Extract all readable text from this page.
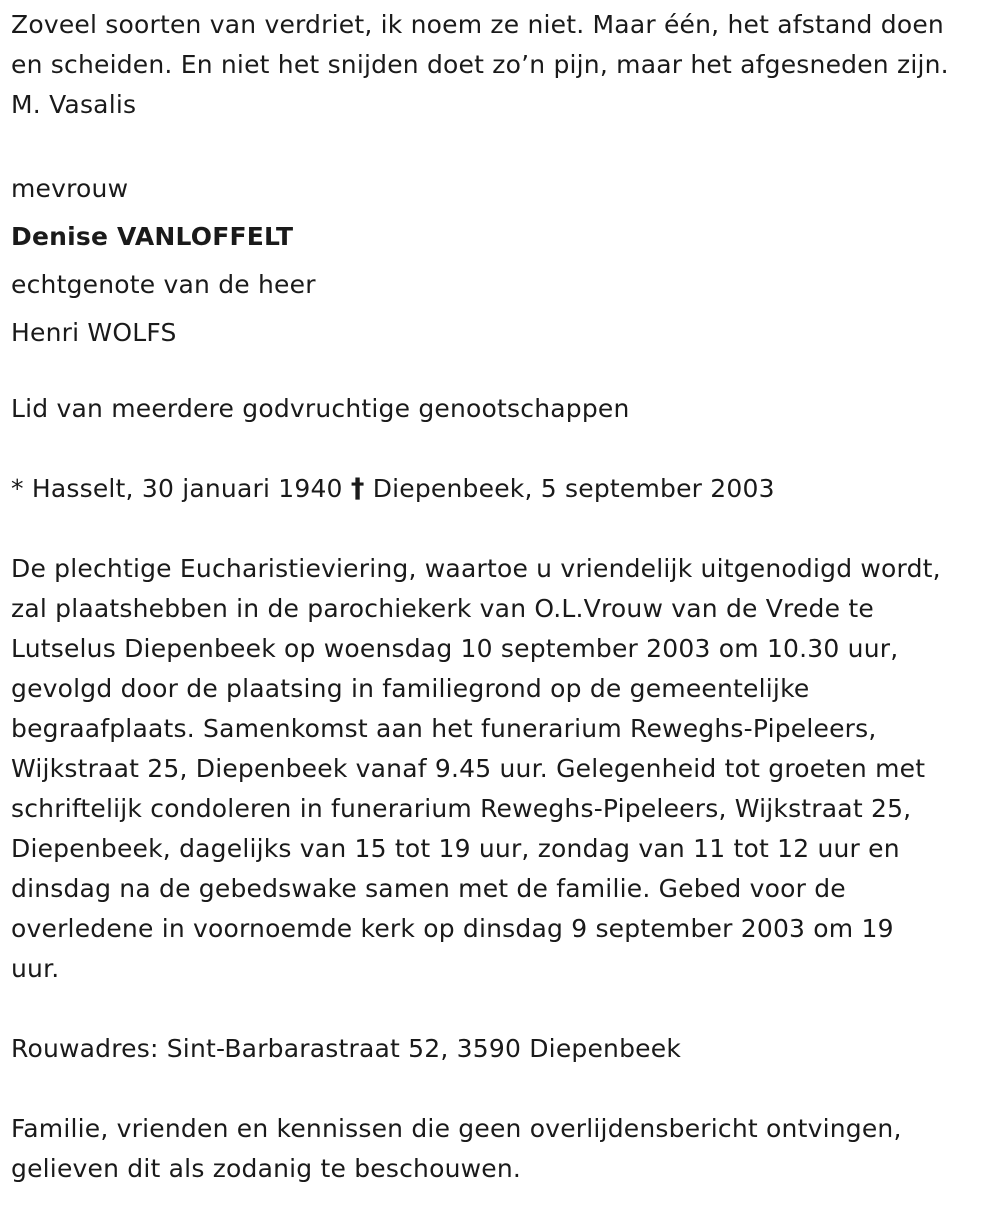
Zoveel soorten van verdriet, ik noem ze niet. Maar één, het afstand doen
en scheiden. En niet het snijden doet zo’n pijn, maar het afgesneden zijn.
M. Vasalis
mevrouw
Denise VANLOFFELT
echtgenote van de heer
Henri WOLFS
Lid van meerdere godvruchtige genootschappen
* Hasselt, 30 januari 1940 † Diepenbeek, 5 september 2003
De plechtige Eucharistieviering, waartoe u vriendelijk uitgenodigd wordt,
zal plaatshebben in de parochiekerk van O.L.Vrouw van de Vrede te
Lutselus Diepenbeek op woensdag 10 september 2003 om 10.30 uur,
gevolgd door de plaatsing in familiegrond op de gemeentelijke
begraafplaats. Samenkomst aan het funerarium Reweghs-Pipeleers,
Wijkstraat 25, Diepenbeek vanaf 9.45 uur. Gelegenheid tot groeten met
schriftelijk condoleren in funerarium Reweghs-Pipeleers, Wijkstraat 25,
Diepenbeek, dagelijks van 15 tot 19 uur, zondag van 11 tot 12 uur en
dinsdag na de gebedswake samen met de familie. Gebed voor de
overledene in voornoemde kerk op dinsdag 9 september 2003 om 19
uur.
Rouwadres: Sint-Barbarastraat 52, 3590 Diepenbeek
Familie, vrienden en kennissen die geen overlijdensbericht ontvingen,
gelieven dit als zodanig te beschouwen.
